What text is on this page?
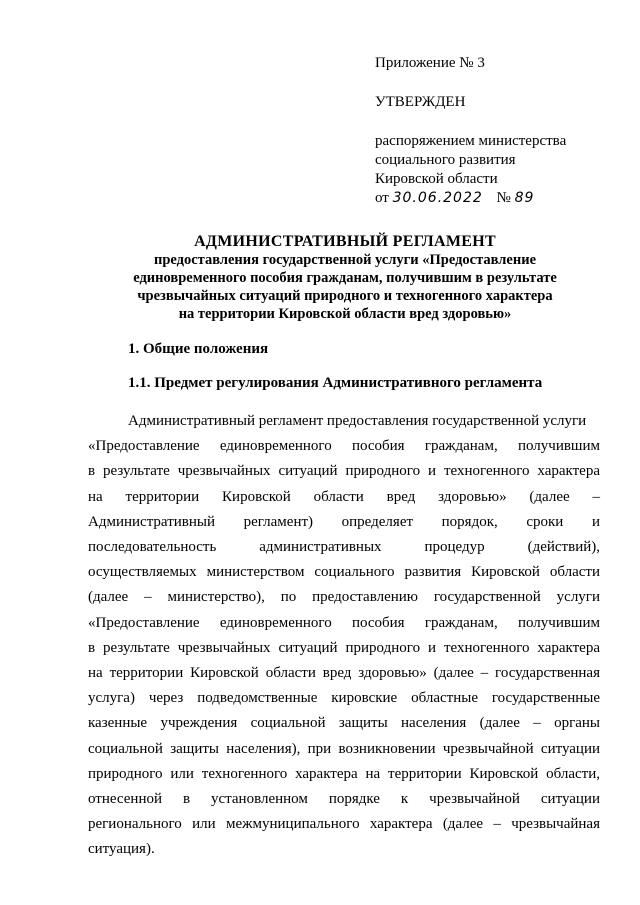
Приложение № 3
УТВЕРЖДЕН
распоряжением министерства
социального развития
Кировской области
от 30.06.2022 № 89
АДМИНИСТРАТИВНЫЙ РЕГЛАМЕНТ
предоставления государственной услуги «Предоставление
единовременного пособия гражданам, получившим в результате
чрезвычайных ситуаций природного и техногенного характера
на территории Кировской области вред здоровью»
1. Общие положения
1.1. Предмет регулирования Административного регламента
Административный регламент предоставления государственной услуги
«Предоставление единовременного пособия гражданам, получившим
в результате чрезвычайных ситуаций природного и техногенного характера
на территории Кировской области вред здоровью» (далее –
Административный регламент) определяет порядок, сроки и
последовательность административных процедур (действий),
осуществляемых министерством социального развития Кировской области
(далее – министерство), по предоставлению государственной услуги
«Предоставление единовременного пособия гражданам, получившим
в результате чрезвычайных ситуаций природного и техногенного характера
на территории Кировской области вред здоровью» (далее – государственная
услуга) через подведомственные кировские областные государственные
казенные учреждения социальной защиты населения (далее – органы
социальной защиты населения), при возникновении чрезвычайной ситуации
природного или техногенного характера на территории Кировской области,
отнесенной в установленном порядке к чрезвычайной ситуации
регионального или межмуниципального характера (далее – чрезвычайная
ситуация).
